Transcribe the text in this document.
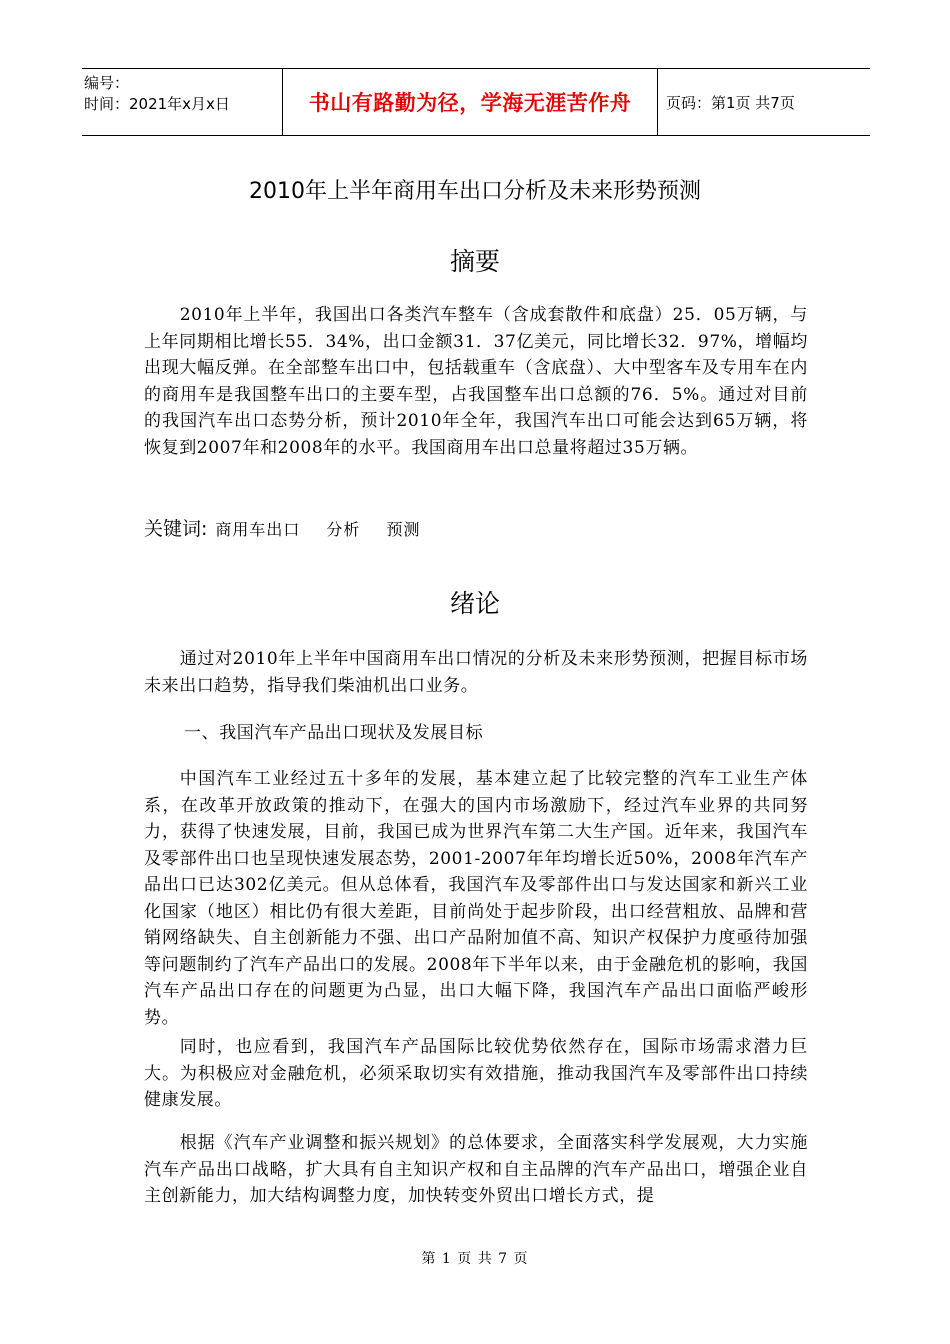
编号：
时间：2021年x月x日	书山有路勤为径，学海无涯苦作舟	页码：第1页 共7页
2010年上半年商用车出口分析及未来形势预测
摘要

2010年上半年，我国出口各类汽车整车（含成套散件和底盘）25．05万辆，与上年同期相比增长55．34%，出口金额31．37亿美元，同比增长32．97%，增幅均出现大幅反弹。在全部整车出口中，包括载重车（含底盘）、大中型客车及专用车在内的商用车是我国整车出口的主要车型，占我国整车出口总额的76．5%。通过对目前的我国汽车出口态势分析，预计2010年全年，我国汽车出口可能会达到65万辆，将恢复到2007年和2008年的水平。我国商用车出口总量将超过35万辆。

关键词: 商用车出口 分析 预测
绪论

通过对2010年上半年中国商用车出口情况的分析及未来形势预测，把握目标市场未来出口趋势，指导我们柴油机出口业务。

一、我国汽车产品出口现状及发展目标

中国汽车工业经过五十多年的发展，基本建立起了比较完整的汽车工业生产体系，在改革开放政策的推动下，在强大的国内市场激励下，经过汽车业界的共同努力，获得了快速发展，目前，我国已成为世界汽车第二大生产国。近年来，我国汽车及零部件出口也呈现快速发展态势，2001-2007年年均增长近50%，2008年汽车产品出口已达302亿美元。但从总体看，我国汽车及零部件出口与发达国家和新兴工业化国家（地区）相比仍有很大差距，目前尚处于起步阶段，出口经营粗放、品牌和营销网络缺失、自主创新能力不强、出口产品附加值不高、知识产权保护力度亟待加强等问题制约了汽车产品出口的发展。2008年下半年以来，由于金融危机的影响，我国汽车产品出口存在的问题更为凸显，出口大幅下降，我国汽车产品出口面临严峻形势。

同时，也应看到，我国汽车产品国际比较优势依然存在，国际市场需求潜力巨大。为积极应对金融危机，必须采取切实有效措施，推动我国汽车及零部件出口持续健康发展。

根据《汽车产业调整和振兴规划》的总体要求，全面落实科学发展观，大力实施汽车产品出口战略，扩大具有自主知识产权和自主品牌的汽车产品出口，增强企业自主创新能力，加大结构调整力度，加快转变外贸出口增长方式，提

第 1 页 共 7 页
